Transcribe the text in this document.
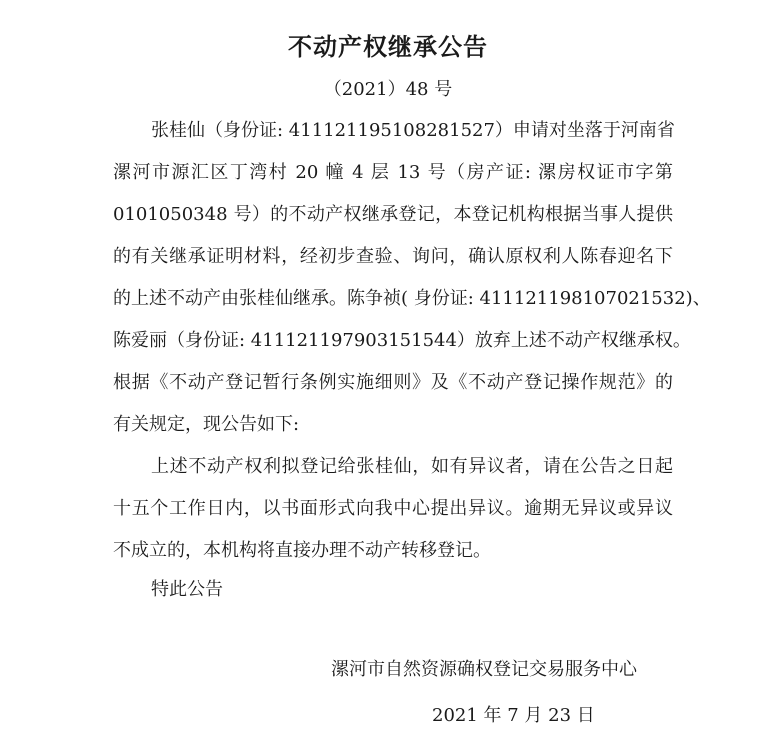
不动产权继承公告
（2021）48 号
张桂仙（身份证: 411121195108281527）申请对坐落于河南省
漯河市源汇区丁湾村 20 幢 4 层 13 号（房产证: 漯房权证市字第
0101050348 号）的不动产权继承登记，本登记机构根据当事人提供
的有关继承证明材料，经初步查验、询问，确认原权利人陈春迎名下
的上述不动产由张桂仙继承。陈争祯( 身份证: 411121198107021532)、
陈爱丽（身份证: 411121197903151544）放弃上述不动产权继承权。
根据《不动产登记暂行条例实施细则》及《不动产登记操作规范》的
有关规定，现公告如下:
上述不动产权利拟登记给张桂仙，如有异议者，请在公告之日起
十五个工作日内，以书面形式向我中心提出异议。逾期无异议或异议
不成立的，本机构将直接办理不动产转移登记。
特此公告
漯河市自然资源确权登记交易服务中心
2021 年 7 月 23 日
